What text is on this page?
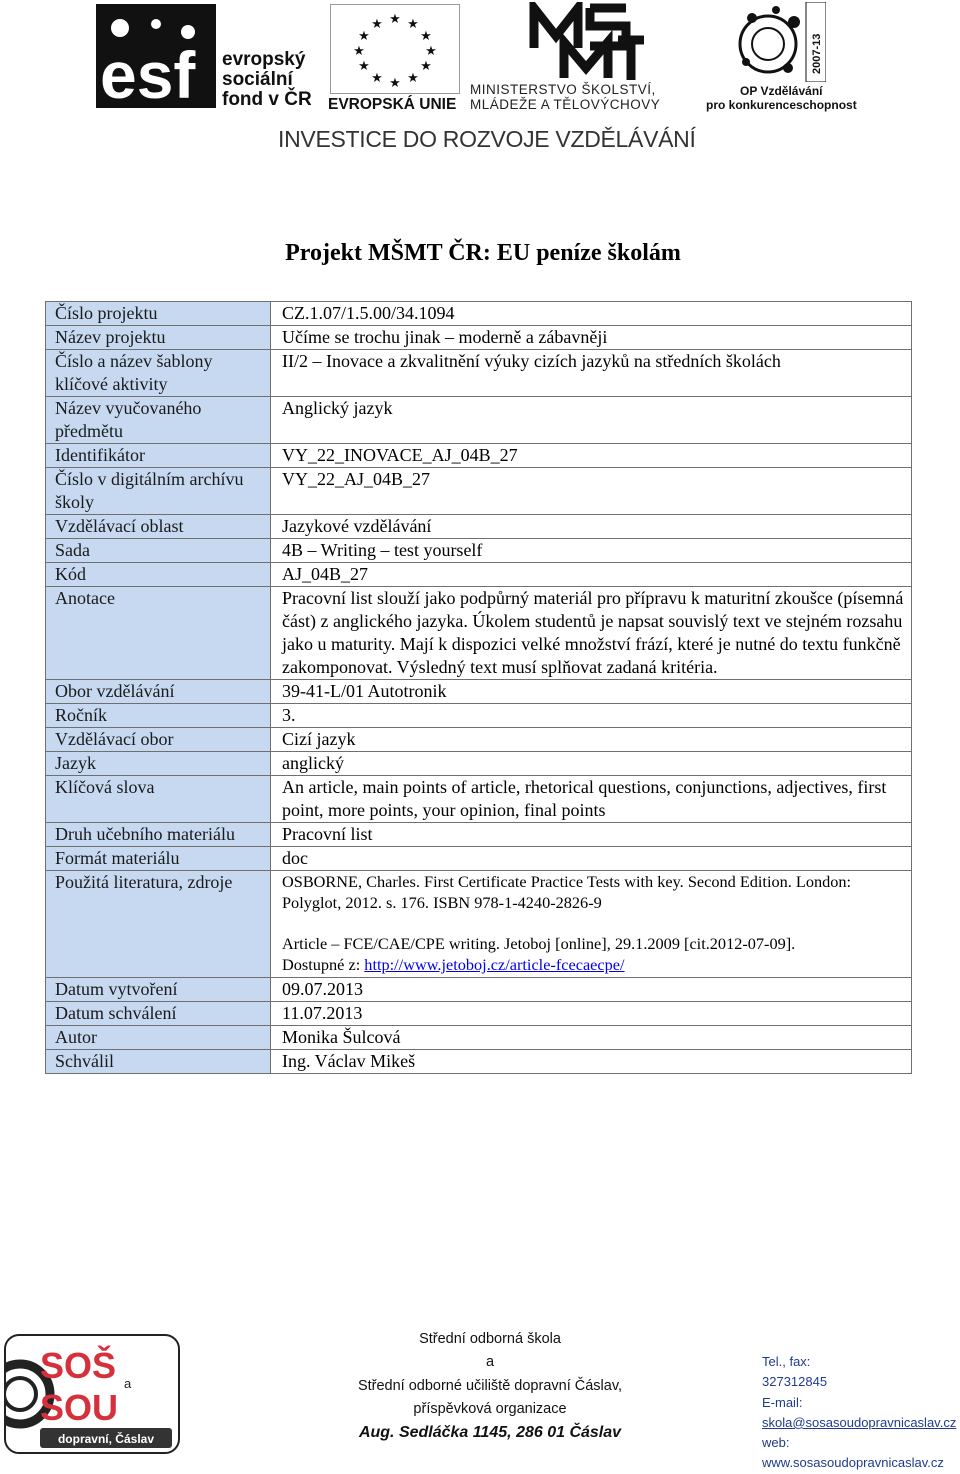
esf evropský
sociální
fond v ČR
★ ★
★
★
★
★
★
★
★
★
★
★
EVROPSKÁ UNIE
MINISTERSTVO ŠKOLSTVÍ,
MLÁDEŽE A TĚLOVÝCHOVY
2007-13
OP Vzdělávání
pro konkurenceschopnost
INVESTICE DO ROZVOJE VZDĚLÁVÁNÍ
Projekt MŠMT ČR: EU peníze školám
Číslo projektu	CZ.1.07/1.5.00/34.1094
Název projektu	Učíme se trochu jinak – moderně a zábavněji
Číslo a název šablony klíčové aktivity	II/2 – Inovace a zkvalitnění výuky cizích jazyků na středních školách
Název vyučovaného předmětu	Anglický jazyk
Identifikátor	VY_22_INOVACE_AJ_04B_27
Číslo v digitálním archívu školy	VY_22_AJ_04B_27
Vzdělávací oblast	Jazykové vzdělávání
Sada	4B – Writing – test yourself
Kód	AJ_04B_27
Anotace	Pracovní list slouží jako podpůrný materiál pro přípravu k maturitní zkoušce (písemná část) z anglického jazyka. Úkolem studentů je napsat souvislý text ve stejném rozsahu jako u maturity. Mají k dispozici velké množství frází, které je nutné do textu funkčně zakomponovat. Výsledný text musí splňovat zadaná kritéria.
Obor vzdělávání	39-41-L/01 Autotronik
Ročník	3.
Vzdělávací obor	Cizí jazyk
Jazyk	anglický
Klíčová slova	An article, main points of article, rhetorical questions, conjunctions, adjectives, first point, more points, your opinion, final points
Druh učebního materiálu	Pracovní list
Formát materiálu	doc
Použitá literatura, zdroje	OSBORNE, Charles. First Certificate Practice Tests with key. Second Edition. London: Polyglot, 2012. s. 176. ISBN 978-1-4240-2826-9
Article – FCE/CAE/CPE writing. Jetoboj [online], 29.1.2009 [cit.2012-07-09].
Dostupné z: http://www.jetoboj.cz/article-fcecaecpe/

Datum vytvoření	09.07.2013
Datum schválení	11.07.2013
Autor	Monika Šulcová
Schválil	Ing. Václav Mikeš
SOŠ a
SOU
dopravní, Čáslav
Střední odborná škola
a
Střední odborné učiliště dopravní Čáslav,
příspěvková organizace
Aug. Sedláčka 1145, 286 01 Čáslav
Tel., fax:
327312845
E-mail:
skola@sosasoudopravnicaslav.cz
web:
www.sosasoudopravnicaslav.cz
